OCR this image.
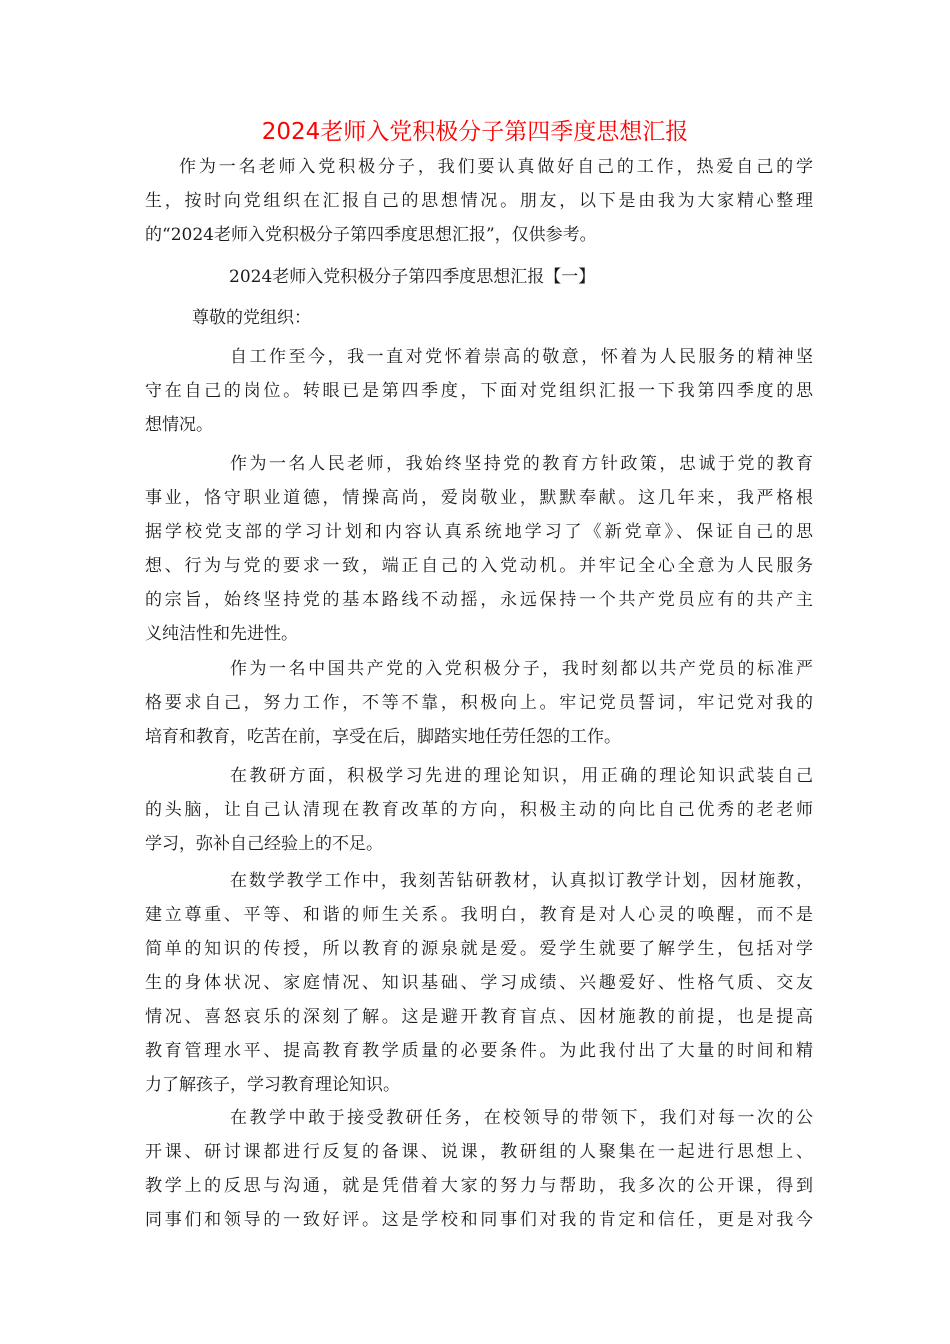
2024老师入党积极分子第四季度思想汇报
作为一名老师入党积极分子，我们要认真做好自己的工作，热爱自己的学
生，按时向党组织在汇报自己的思想情况。朋友，以下是由我为大家精心整理
的“2024老师入党积极分子第四季度思想汇报”，仅供参考。
2024老师入党积极分子第四季度思想汇报【一】
尊敬的党组织：
自工作至今，我一直对党怀着崇高的敬意，怀着为人民服务的精神坚
守在自己的岗位。转眼已是第四季度，下面对党组织汇报一下我第四季度的思
想情况。
作为一名人民老师，我始终坚持党的教育方针政策，忠诚于党的教育
事业，恪守职业道德，情操高尚，爱岗敬业，默默奉献。这几年来，我严格根
据学校党支部的学习计划和内容认真系统地学习了《新党章》、保证自己的思
想、行为与党的要求一致，端正自己的入党动机。并牢记全心全意为人民服务
的宗旨，始终坚持党的基本路线不动摇，永远保持一个共产党员应有的共产主
义纯洁性和先进性。
作为一名中国共产党的入党积极分子，我时刻都以共产党员的标准严
格要求自己，努力工作，不等不靠，积极向上。牢记党员誓词，牢记党对我的
培育和教育，吃苦在前，享受在后，脚踏实地任劳任怨的工作。
在教研方面，积极学习先进的理论知识，用正确的理论知识武装自己
的头脑，让自己认清现在教育改革的方向，积极主动的向比自己优秀的老老师
学习，弥补自己经验上的不足。
在数学教学工作中，我刻苦钻研教材，认真拟订教学计划，因材施教，
建立尊重、平等、和谐的师生关系。我明白，教育是对人心灵的唤醒，而不是
简单的知识的传授，所以教育的源泉就是爱。爱学生就要了解学生，包括对学
生的身体状况、家庭情况、知识基础、学习成绩、兴趣爱好、性格气质、交友
情况、喜怒哀乐的深刻了解。这是避开教育盲点、因材施教的前提，也是提高
教育管理水平、提高教育教学质量的必要条件。为此我付出了大量的时间和精
力了解孩子，学习教育理论知识。
在教学中敢于接受教研任务，在校领导的带领下，我们对每一次的公
开课、研讨课都进行反复的备课、说课，教研组的人聚集在一起进行思想上、
教学上的反思与沟通，就是凭借着大家的努力与帮助，我多次的公开课，得到
同事们和领导的一致好评。这是学校和同事们对我的肯定和信任，更是对我今
